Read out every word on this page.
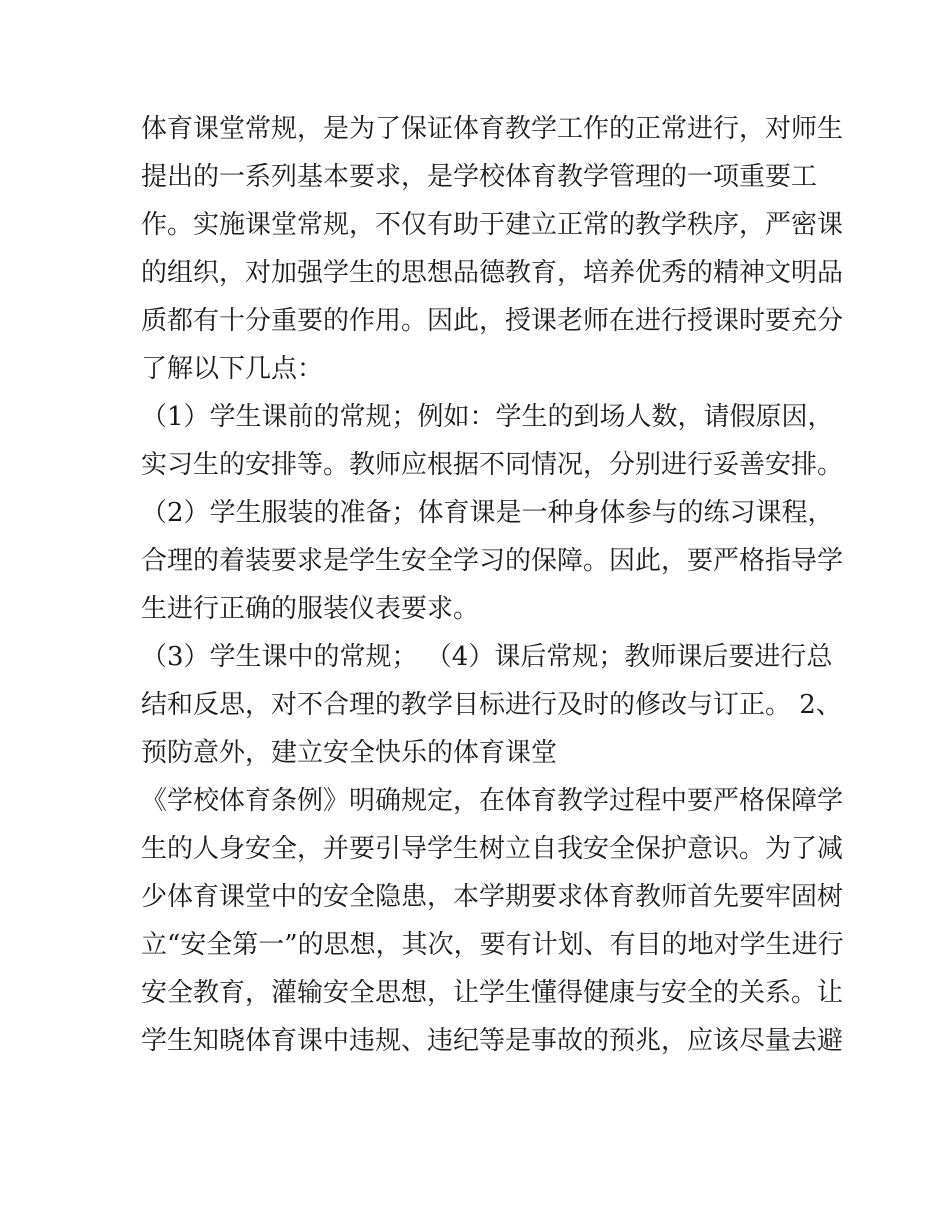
体育课堂常规，是为了保证体育教学工作的正常进行，对师生
提出的一系列基本要求，是学校体育教学管理的一项重要工
作。实施课堂常规，不仅有助于建立正常的教学秩序，严密课
的组织，对加强学生的思想品德教育，培养优秀的精神文明品
质都有十分重要的作用。因此，授课老师在进行授课时要充分
了解以下几点：
（1）学生课前的常规；例如：学生的到场人数，请假原因，
实习生的安排等。教师应根据不同情况，分别进行妥善安排。
（2）学生服装的准备；体育课是一种身体参与的练习课程，
合理的着装要求是学生安全学习的保障。因此，要严格指导学
生进行正确的服装仪表要求。
（3）学生课中的常规； （4）课后常规；教师课后要进行总
结和反思，对不合理的教学目标进行及时的修改与订正。 2、
预防意外，建立安全快乐的体育课堂
《学校体育条例》明确规定，在体育教学过程中要严格保障学
生的人身安全，并要引导学生树立自我安全保护意识。为了减
少体育课堂中的安全隐患，本学期要求体育教师首先要牢固树
立“安全第一”的思想，其次，要有计划、有目的地对学生进行
安全教育，灌输安全思想，让学生懂得健康与安全的关系。让
学生知晓体育课中违规、违纪等是事故的预兆，应该尽量去避
